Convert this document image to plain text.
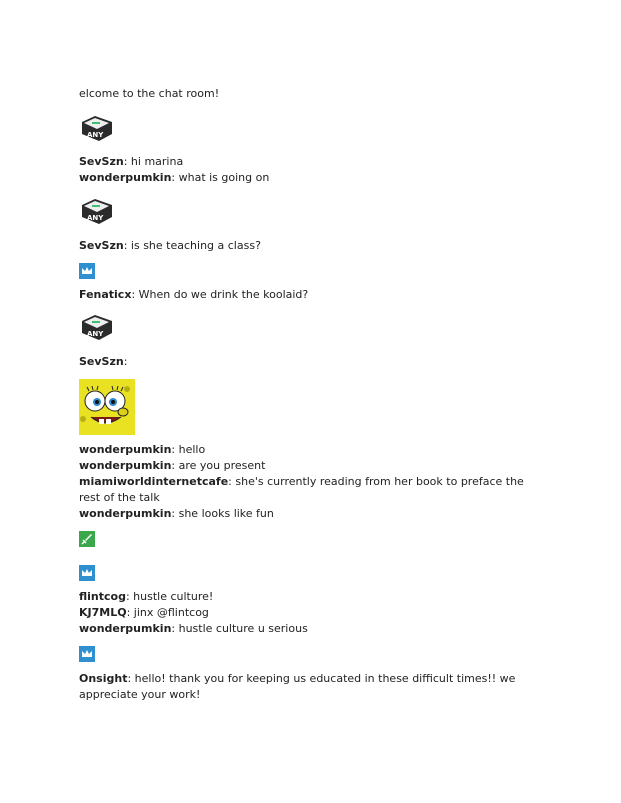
elcome to the chat room!
ANY
SevSzn: hi marina
wonderpumkin: what is going on
ANY
SevSzn: is she teaching a class?
Fenaticx: When do we drink the koolaid?
ANY
SevSzn:
wonderpumkin: hello
wonderpumkin: are you present
miamiworldinternetcafe: she's currently reading from her book to preface the rest of the talk
wonderpumkin: she looks like fun
flintcog: hustle culture!
KJ7MLQ: jinx @flintcog
wonderpumkin: hustle culture u serious
Onsight: hello! thank you for keeping us educated in these difficult times!! we appreciate your work!
